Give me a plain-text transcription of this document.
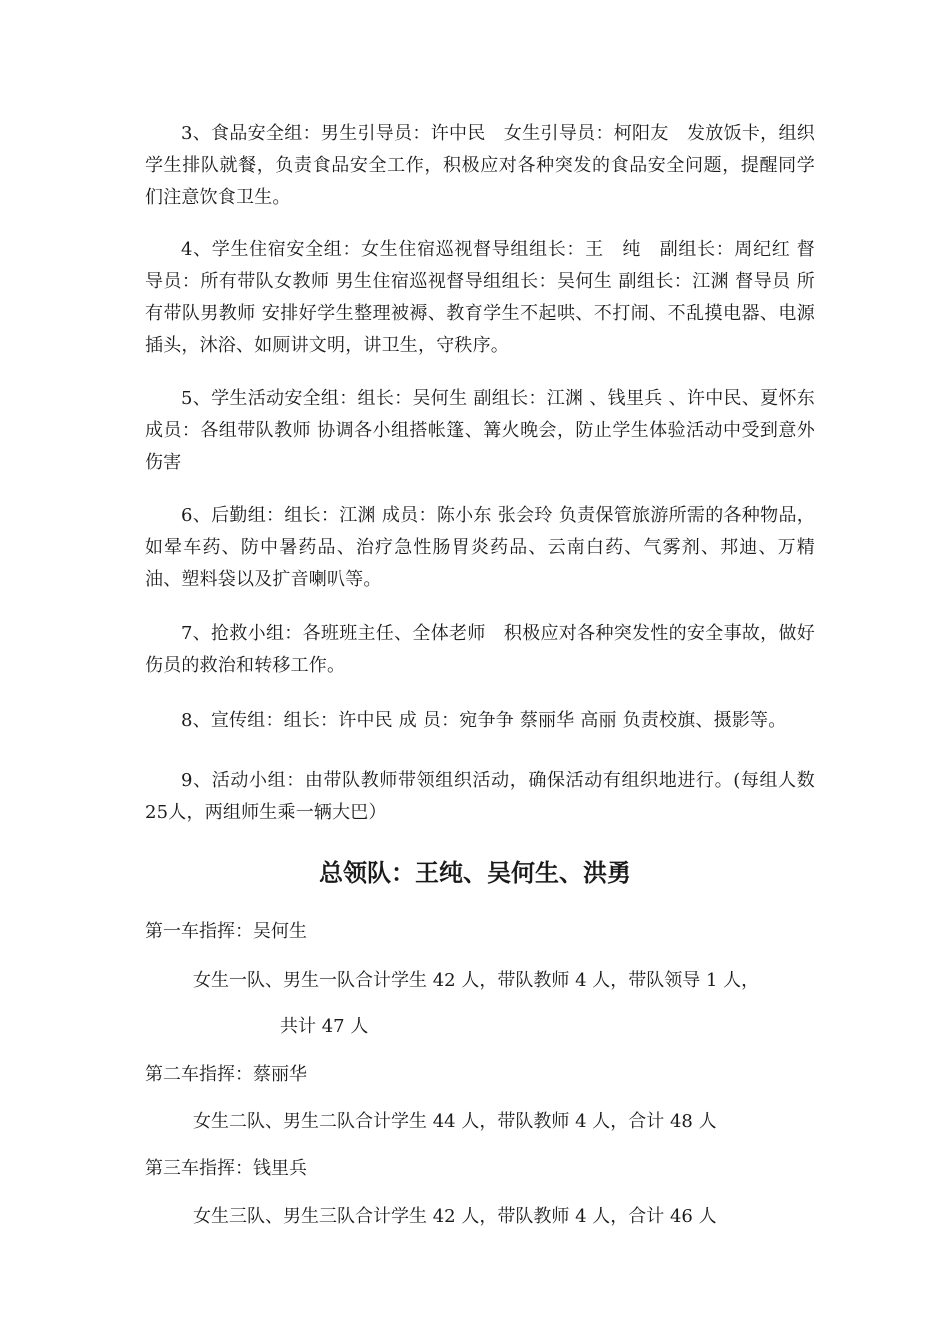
3、食品安全组：男生引导员：许中民　女生引导员：柯阳友　发放饭卡，组织学生排队就餐，负责食品安全工作，积极应对各种突发的食品安全问题，提醒同学们注意饮食卫生。

4、学生住宿安全组：女生住宿巡视督导组组长：王　纯　副组长：周纪红 督导员：所有带队女教师 男生住宿巡视督导组组长：吴何生 副组长：江渊 督导员 所有带队男教师 安排好学生整理被褥、教育学生不起哄、不打闹、不乱摸电器、电源插头，沐浴、如厕讲文明，讲卫生，守秩序。

5、学生活动安全组：组长：吴何生 副组长：江渊 、钱里兵 、许中民、夏怀东 成员：各组带队教师 协调各小组搭帐篷、篝火晚会，防止学生体验活动中受到意外伤害

6、后勤组：组长：江渊 成员：陈小东 张会玲 负责保管旅游所需的各种物品，如晕车药、防中暑药品、治疗急性肠胃炎药品、云南白药、气雾剂、邦迪、万精油、塑料袋以及扩音喇叭等。

7、抢救小组：各班班主任、全体老师　积极应对各种突发性的安全事故，做好伤员的救治和转移工作。

8、宣传组：组长：许中民 成 员：宛争争 蔡丽华 高丽 负责校旗、摄影等。

9、活动小组：由带队教师带领组织活动，确保活动有组织地进行。(每组人数25人，两组师生乘一辆大巴）

总领队：王纯、吴何生、洪勇

第一车指挥：吴何生

女生一队、男生一队合计学生 42 人，带队教师 4 人，带队领导 1 人，

共计 47 人

第二车指挥：蔡丽华

女生二队、男生二队合计学生 44 人，带队教师 4 人，合计 48 人

第三车指挥：钱里兵

女生三队、男生三队合计学生 42 人，带队教师 4 人，合计 46 人
